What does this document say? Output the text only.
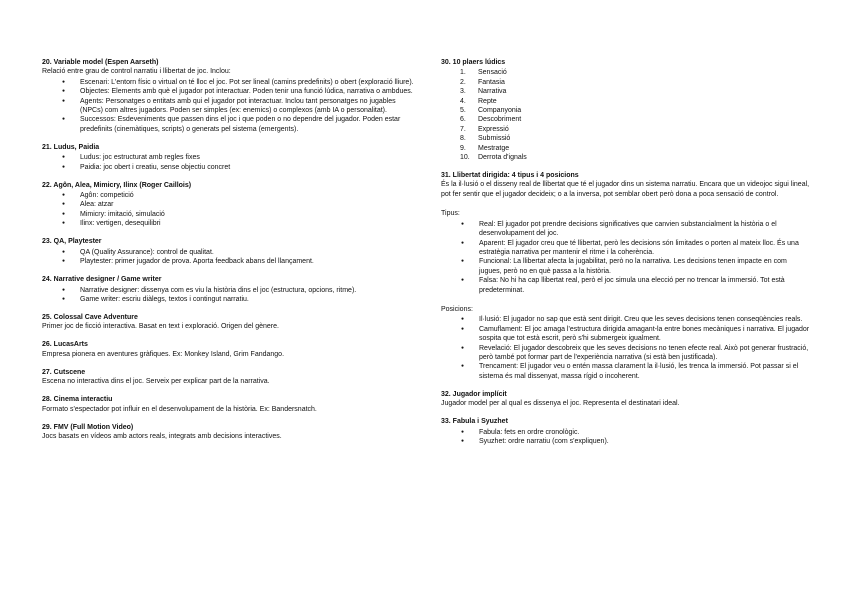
20. Variable model (Espen Aarseth)

Relació entre grau de control narratiu i llibertat de joc. Inclou:

● Escenari: L'entorn físic o virtual on té lloc el joc. Pot ser lineal (camins predefinits) o obert (exploració lliure).
● Objectes: Elements amb què el jugador pot interactuar. Poden tenir una funció lúdica, narrativa o ambdues.
● Agents: Personatges o entitats amb qui el jugador pot interactuar. Inclou tant personatges no jugables (NPCs) com altres jugadors. Poden ser simples (ex: enemics) o complexos (amb IA o personalitat).
● Successos: Esdeveniments que passen dins el joc i que poden o no dependre del jugador. Poden estar predefinits (cinemàtiques, scripts) o generats pel sistema (emergents).
21. Ludus, Paidia
● Ludus: joc estructurat amb regles fixes
● Paidia: joc obert i creatiu, sense objectiu concret
22. Agôn, Alea, Mimicry, Ilinx (Roger Caillois)
● Agôn: competició
● Alea: atzar
● Mimicry: imitació, simulació
● Ilinx: vertigen, desequilibri
23. QA, Playtester
● QA (Quality Assurance): control de qualitat.
● Playtester: primer jugador de prova. Aporta feedback abans del llançament.
24. Narrative designer / Game writer
● Narrative designer: dissenya com es viu la història dins el joc (estructura, opcions, ritme).
● Game writer: escriu diàlegs, textos i contingut narratiu.
25. Colossal Cave Adventure

Primer joc de ficció interactiva. Basat en text i exploració. Origen del gènere.

26. LucasArts

Empresa pionera en aventures gràfiques. Ex: Monkey Island, Grim Fandango.

27. Cutscene

Escena no interactiva dins el joc. Serveix per explicar part de la narrativa.

28. Cinema interactiu

Formato s'espectador pot influir en el desenvolupament de la història. Ex: Bandersnatch.

29. FMV (Full Motion Video)

Jocs basats en vídeos amb actors reals, integrats amb decisions interactives.

30. 10 plaers lúdics
1.	Sensació
2.	Fantasia
3.	Narrativa
4.	Repte
5.	Companyonia
6.	Descobriment
7.	Expressió
8.	Submissió
9.	Mestratge
10. Derrota d'ignals
31. Llibertat dirigida: 4 tipus i 4 posicions

És la il·lusió o el disseny real de llibertat que té el jugador dins un sistema narratiu. Encara que un videojoc sigui lineal, pot fer sentir que el jugador decideix; o a la inversa, pot semblar obert però dona a poca sensació de control.

Tipus:
● Real: El jugador pot prendre decisions significatives que canvien substancialment la història o el desenvolupament del joc.
● Aparent: El jugador creu que té llibertat, però les decisions són limitades o porten al mateix lloc. És una estratègia narrativa per mantenir el ritme i la coherència.
● Funcional: La llibertat afecta la jugabilitat, però no la narrativa. Les decisions tenen impacte en com jugues, però no en què passa a la història.
● Falsa: No hi ha cap llibertat real, però el joc simula una elecció per no trencar la immersió. Tot està predeterminat.
Posicions:
● Il·lusió: El jugador no sap que està sent dirigit. Creu que les seves decisions tenen conseqüències reals.
● Camuflament: El joc amaga l'estructura dirigida amagant-la entre bones mecàniques i narrativa. El jugador sospita que tot està escrit, però s'hi submergeix igualment.
● Revelació: El jugador descobreix que les seves decisions no tenen efecte real. Això pot generar frustració, però també pot formar part de l'experiència narrativa (si està ben justificada).
● Trencament: El jugador veu o entén massa clarament la il·lusió, les trenca la immersió. Pot passar si el sistema és mal dissenyat, massa rígid o incoherent.
32. Jugador implícit

Jugador model per al qual es dissenya el joc. Representa el destinatari ideal.

33. Fabula i Syuzhet
● Fabula: fets en ordre cronològic.
● Syuzhet: ordre narratiu (com s'expliquen).
